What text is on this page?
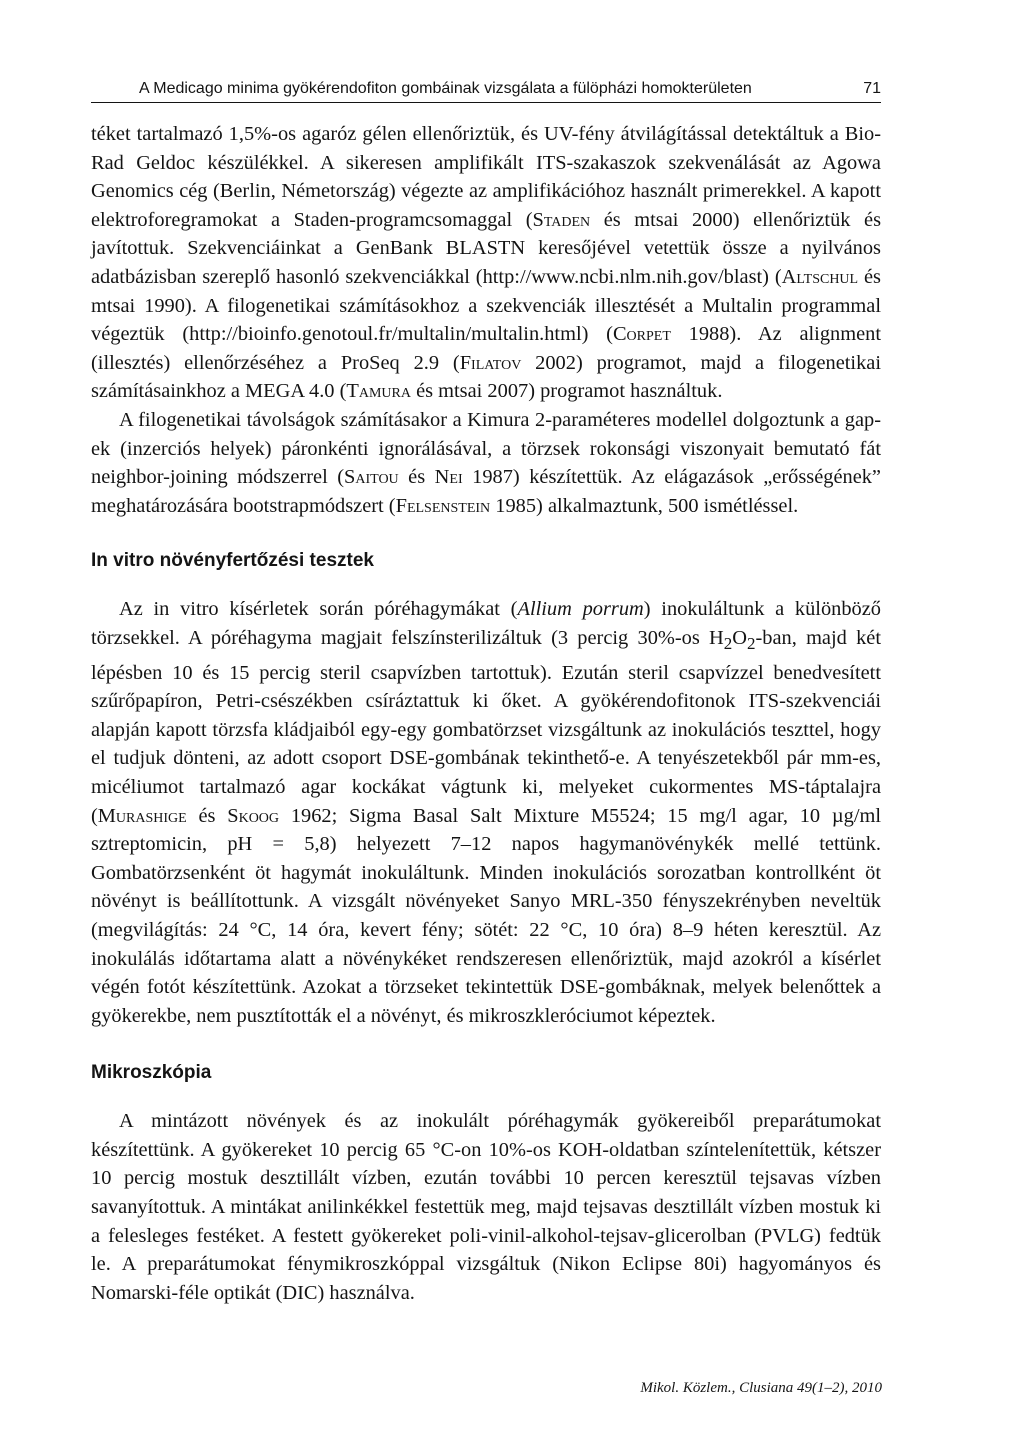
A Medicago minima gyökérendofiton gombáinak vizsgálata a fülöpházi homokterületen	71

téket tartalmazó 1,5%-os agaróz gélen ellenőriztük, és UV-fény átvilágítással detektáltuk a Bio-Rad Geldoc készülékkel. A sikeresen amplifikált ITS-szakaszok szekvenálását az Agowa Genomics cég (Berlin, Németország) végezte az amplifikációhoz használt primerekkel. A kapott elektroforegramokat a Staden-programcsomaggal (Staden és mtsai 2000) ellenőriztük és javítottuk. Szekvenciáinkat a GenBank BLASTN keresőjével vetettük össze a nyilvános adatbázisban szereplő hasonló szekvenciákkal (http://www.ncbi.nlm.nih.gov/blast) (Altschul és mtsai 1990). A filogenetikai számításokhoz a szekvenciák illesztését a Multalin programmal végeztük (http://bioinfo.genotoul.fr/multalin/multalin.html) (Corpet 1988). Az alignment (illesztés) ellenőrzéséhez a ProSeq 2.9 (Filatov 2002) programot, majd a filogenetikai számításainkhoz a MEGA 4.0 (Tamura és mtsai 2007) programot használtuk.

A filogenetikai távolságok számításakor a Kimura 2-paraméteres modellel dolgoztunk a gap-ek (inzerciós helyek) páronkénti ignorálásával, a törzsek rokonsági viszonyait bemutató fát neighbor-joining módszerrel (Saitou és Nei 1987) készítettük. Az elágazások „erősségének” meghatározására bootstrapmódszert (Felsenstein 1985) alkalmaztunk, 500 ismétléssel.

In vitro növényfertőzési tesztek

Az in vitro kísérletek során póréhagymákat (Allium porrum) inokuláltunk a különböző törzsekkel. A póréhagyma magjait felszínsterilizáltuk (3 percig 30%-os $H_2O_2$-ban, majd két lépésben 10 és 15 percig steril csapvízben tartottuk). Ezután steril csapvízzel benedvesített szűrőpapíron, Petri-csészékben csíráztattuk ki őket. A gyökérendofitonok ITS-szekvenciái alapján kapott törzsfa kládjaiból egy-egy gombatörzset vizsgáltunk az inokulációs teszttel, hogy el tudjuk dönteni, az adott csoport DSE-gombának tekinthető-e. A tenyészetekből pár mm-es, micéliumot tartalmazó agar kockákat vágtunk ki, melyeket cukormentes MS-táptalajra (Murashige és Skoog 1962; Sigma Basal Salt Mixture M5524; 15 mg/l agar, 10 µg/ml sztreptomicin, pH = 5,8) helyezett 7–12 napos hagymanövénykék mellé tettünk. Gombatörzsenként öt hagymát inokuláltunk. Minden inokulációs sorozatban kontrollként öt növényt is beállítottunk. A vizsgált növényeket Sanyo MRL-350 fényszekrényben neveltük (megvilágítás: 24 °C, 14 óra, kevert fény; sötét: 22 °C, 10 óra) 8–9 héten keresztül. Az inokulálás időtartama alatt a növénykéket rendszeresen ellenőriztük, majd azokról a kísérlet végén fotót készítettünk. Azokat a törzseket tekintettük DSE-gombáknak, melyek belenőttek a gyökerekbe, nem pusztították el a növényt, és mikroszkleróciumot képeztek.

Mikroszkópia

A mintázott növények és az inokulált póréhagymák gyökereiből preparátumokat készítettünk. A gyökereket 10 percig 65 °C-on 10%-os KOH-oldatban színtelenítettük, kétszer 10 percig mostuk desztillált vízben, ezután további 10 percen keresztül tejsavas vízben savanyítottuk. A mintákat anilinkékkel festettük meg, majd tejsavas desztillált vízben mostuk ki a felesleges festéket. A festett gyökereket poli-vinil-alkohol-tejsav-glicerolban (PVLG) fedtük le. A preparátumokat fénymikroszkóppal vizsgáltuk (Nikon Eclipse 80i) hagyományos és Nomarski-féle optikát (DIC) használva.

Mikol. Közlem., Clusiana 49(1–2), 2010
